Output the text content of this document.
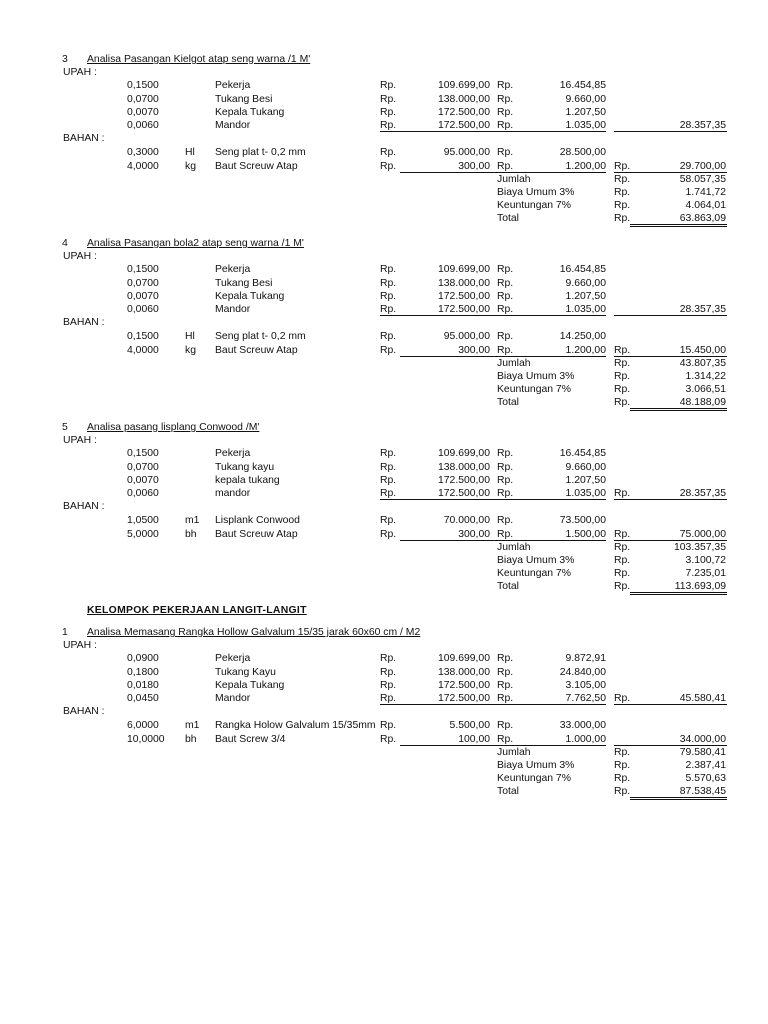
3 Analisa Pasangan Kielgot atap seng warna /1 M'
UPAH :
0,1500	Pekerja	Rp.	109.699,00 Rp.	16.454,85
0,0700	Tukang Besi	Rp.	138.000,00 Rp.	9.660,00
0,0070	Kepala Tukang	Rp.	172.500,00 Rp.	1.207,50
0,0060	Mandor	Rp.	172.500,00 Rp.	1.035,00	28.357,35
BAHAN :
0,3000	Hl Seng plat t- 0,2 mm	Rp.	95.000,00 Rp.	28.500,00
4,0000	kg Baut Screuw Atap	Rp.	300,00 Rp.	1.200,00 Rp.	29.700,00
Jumlah	Rp.	58.057,35
Biaya Umum 3%	Rp.	1.741,72
Keuntungan 7%	Rp.	4.064,01
Total	Rp.	63.863,09
4 Analisa Pasangan bola2 atap seng warna /1 M'
UPAH :
0,1500	Pekerja	Rp.	109.699,00 Rp.	16.454,85
0,0700	Tukang Besi	Rp.	138.000,00 Rp.	9.660,00
0,0070	Kepala Tukang	Rp.	172.500,00 Rp.	1.207,50
0,0060	Mandor	Rp.	172.500,00 Rp.	1.035,00	28.357,35
BAHAN :
0,1500	Hl Seng plat t- 0,2 mm	Rp.	95.000,00 Rp.	14.250,00
4,0000	kg Baut Screuw Atap	Rp.	300,00 Rp.	1.200,00 Rp.	15.450,00
Jumlah	Rp.	43.807,35
Biaya Umum 3%	Rp.	1.314,22
Keuntungan 7%	Rp.	3.066,51
Total	Rp.	48.188,09
5 Analisa pasang lisplang Conwood /M'
UPAH :
0,1500	Pekerja	Rp.	109.699,00 Rp.	16.454,85
0,0700	Tukang kayu	Rp.	138.000,00 Rp.	9.660,00
0,0070	kepala tukang	Rp.	172.500,00 Rp.	1.207,50
0,0060	mandor	Rp.	172.500,00 Rp.	1.035,00 Rp.	28.357,35
BAHAN :
1,0500	m1 Lisplank Conwood	Rp.	70.000,00 Rp.	73.500,00
5,0000	bh Baut Screuw Atap	Rp.	300,00 Rp.	1.500,00 Rp.	75.000,00
Jumlah	Rp.	103.357,35
Biaya Umum 3%	Rp.	3.100,72
Keuntungan 7%	Rp.	7.235,01
Total	Rp.	113.693,09
KELOMPOK PEKERJAAN LANGIT-LANGIT
1 Analisa Memasang Rangka Hollow Galvalum 15/35 jarak 60x60 cm / M2
UPAH :
0,0900	Pekerja	Rp.	109.699,00 Rp.	9.872,91
0,1800	Tukang Kayu	Rp.	138.000,00 Rp.	24.840,00
0,0180	Kepala Tukang	Rp.	172.500,00 Rp.	3.105,00
0,0450	Mandor	Rp.	172.500,00 Rp.	7.762,50 Rp.	45.580,41
BAHAN :
6,0000	m1 Rangka Holow Galvalum 15/35mm Rp.	5.500,00 Rp.	33.000,00
10,0000 bh Baut Screw 3/4	Rp.	100,00 Rp.	1.000,00	34.000,00
Jumlah	Rp.	79.580,41
Biaya Umum 3%	Rp.	2.387,41
Keuntungan 7%	Rp.	5.570,63
Total	Rp.	87.538,45
